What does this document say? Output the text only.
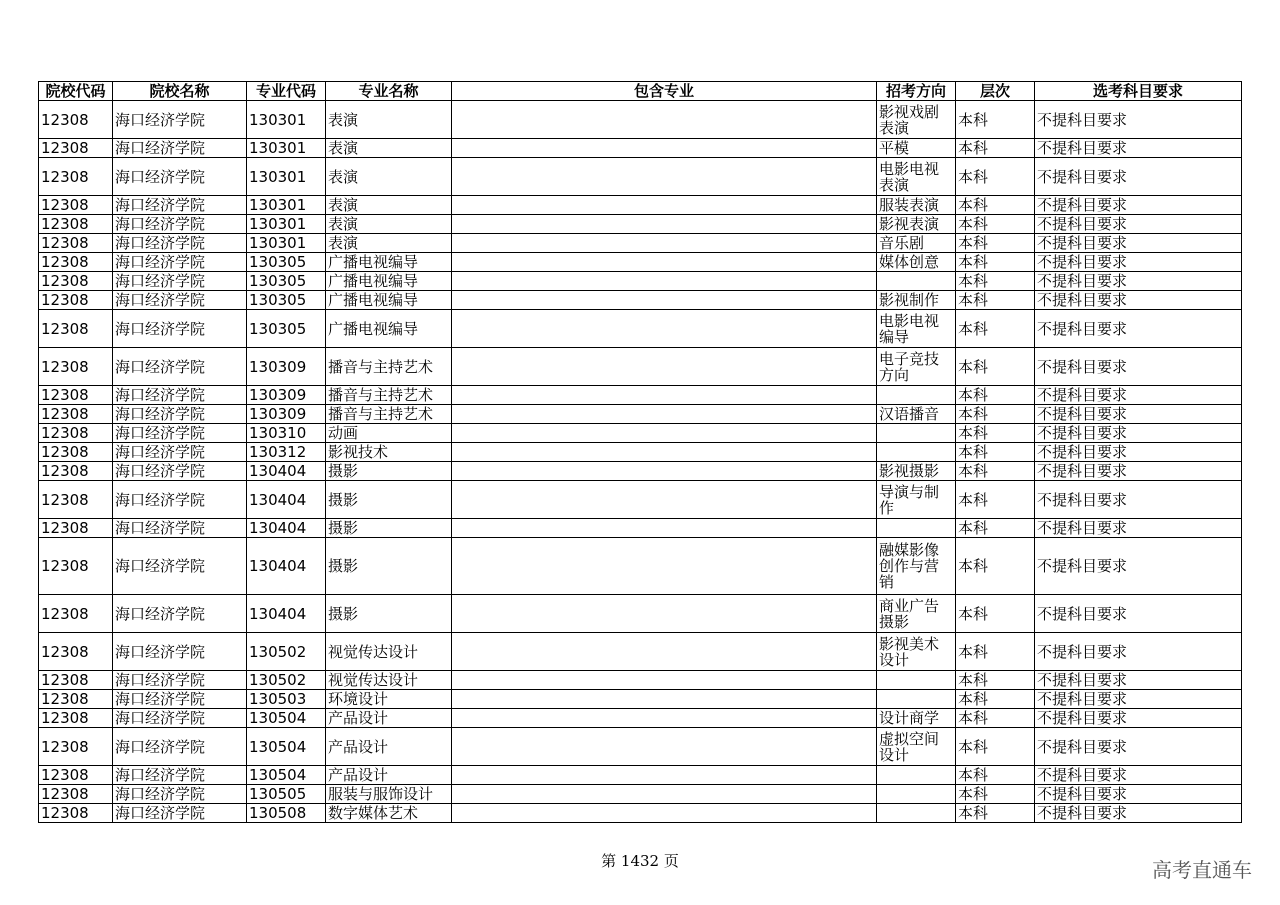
院校代码	院校名称	专业代码	专业名称	包含专业	招考方向	层次	选考科目要求
12308	海口经济学院	130301	表演		影视戏剧表演	本科	不提科目要求
12308	海口经济学院	130301	表演		平模	本科	不提科目要求
12308	海口经济学院	130301	表演		电影电视表演	本科	不提科目要求
12308	海口经济学院	130301	表演		服装表演	本科	不提科目要求
12308	海口经济学院	130301	表演		影视表演	本科	不提科目要求
12308	海口经济学院	130301	表演		音乐剧	本科	不提科目要求
12308	海口经济学院	130305	广播电视编导		媒体创意	本科	不提科目要求
12308	海口经济学院	130305	广播电视编导			本科	不提科目要求
12308	海口经济学院	130305	广播电视编导		影视制作	本科	不提科目要求
12308	海口经济学院	130305	广播电视编导		电影电视编导	本科	不提科目要求
12308	海口经济学院	130309	播音与主持艺术		电子竞技方向	本科	不提科目要求
12308	海口经济学院	130309	播音与主持艺术			本科	不提科目要求
12308	海口经济学院	130309	播音与主持艺术		汉语播音	本科	不提科目要求
12308	海口经济学院	130310	动画			本科	不提科目要求
12308	海口经济学院	130312	影视技术			本科	不提科目要求
12308	海口经济学院	130404	摄影		影视摄影	本科	不提科目要求
12308	海口经济学院	130404	摄影		导演与制作	本科	不提科目要求
12308	海口经济学院	130404	摄影			本科	不提科目要求
12308	海口经济学院	130404	摄影		融媒影像创作与营销	本科	不提科目要求
12308	海口经济学院	130404	摄影		商业广告摄影	本科	不提科目要求
12308	海口经济学院	130502	视觉传达设计		影视美术设计	本科	不提科目要求
12308	海口经济学院	130502	视觉传达设计			本科	不提科目要求
12308	海口经济学院	130503	环境设计			本科	不提科目要求
12308	海口经济学院	130504	产品设计		设计商学	本科	不提科目要求
12308	海口经济学院	130504	产品设计		虚拟空间设计	本科	不提科目要求
12308	海口经济学院	130504	产品设计			本科	不提科目要求
12308	海口经济学院	130505	服装与服饰设计			本科	不提科目要求
12308	海口经济学院	130508	数字媒体艺术			本科	不提科目要求
第 1432 页	高考直通车
